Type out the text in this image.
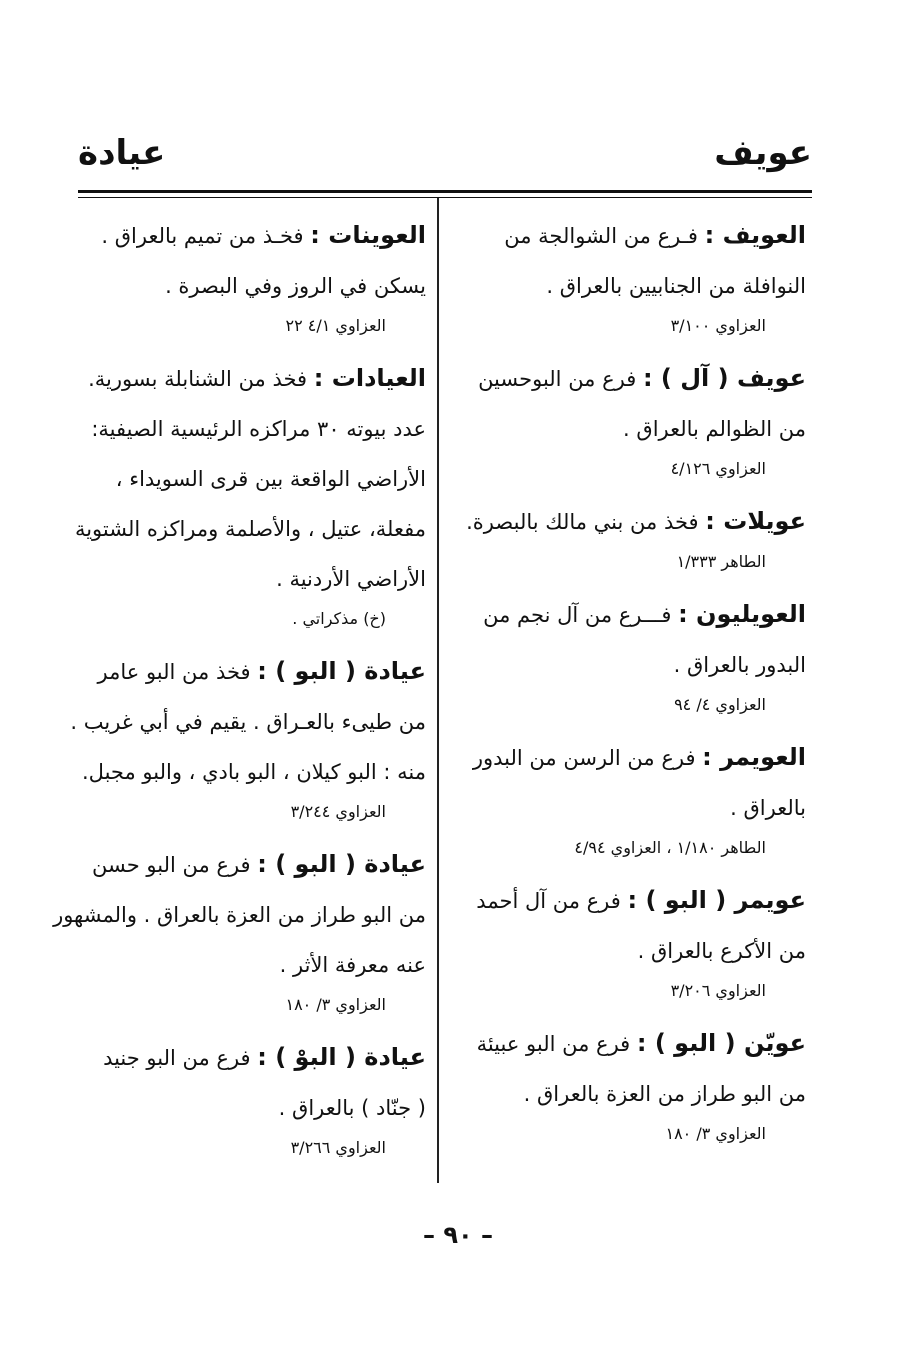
عويف
عيادة
العويف : فـرع من الشوالجة من
النوافلة من الجنابيين بالعراق .
العزاوي ٣/١٠٠
عويف ( آل ) : فرع من البوحسين
من الظوالم بالعراق .
العزاوي ٤/١٢٦
عويلات : فخذ من بني مالك بالبصرة.
الطاهر ١/٣٣٣
العويليون : فـــرع من آل نجم من
البدور بالعراق .
العزاوي ٤/ ٩٤
العويمر : فرع من الرسن من البدور
بالعراق .
الطاهر ١/١٨٠ ، العزاوي ٤/٩٤
عويمر ( البو ) : فرع من آل أحمد
من الأكرع بالعراق .
العزاوي ٣/٢٠٦
عويّن ( البو ) : فرع من البو عبيئة
من البو طراز من العزة بالعراق .
العزاوي ٣/ ١٨٠
العوينات : فخـذ من تميم بالعراق .
يسكن في الروز وفي البصرة .
العزاوي ٤/١ ٢٢
العيادات : فخذ من الشنابلة بسورية.
عدد بيوته ٣٠ مراكزه الرئيسية الصيفية:
الأراضي الواقعة بين قرى السويداء ،
مفعلة، عتيل ، والأصلمة ومراكزه الشتوية
الأراضي الأردنية .
(خ) مذكراتي .
عيادة ( البو ) : فخذ من البو عامر
من طيىء بالعـراق . يقيم في أبي غريب .
منه : البو كيلان ، البو بادي ، والبو مجبل.
العزاوي ٣/٢٤٤
عيادة ( البو ) : فرع من البو حسن
من البو طراز من العزة بالعراق . والمشهور
عنه معرفة الأثر .
العزاوي ٣/ ١٨٠
عيادة ( البوْ ) : فرع من البو جنيد
( جنّاد ) بالعراق .
العزاوي ٣/٢٦٦
– ٩٠ –
